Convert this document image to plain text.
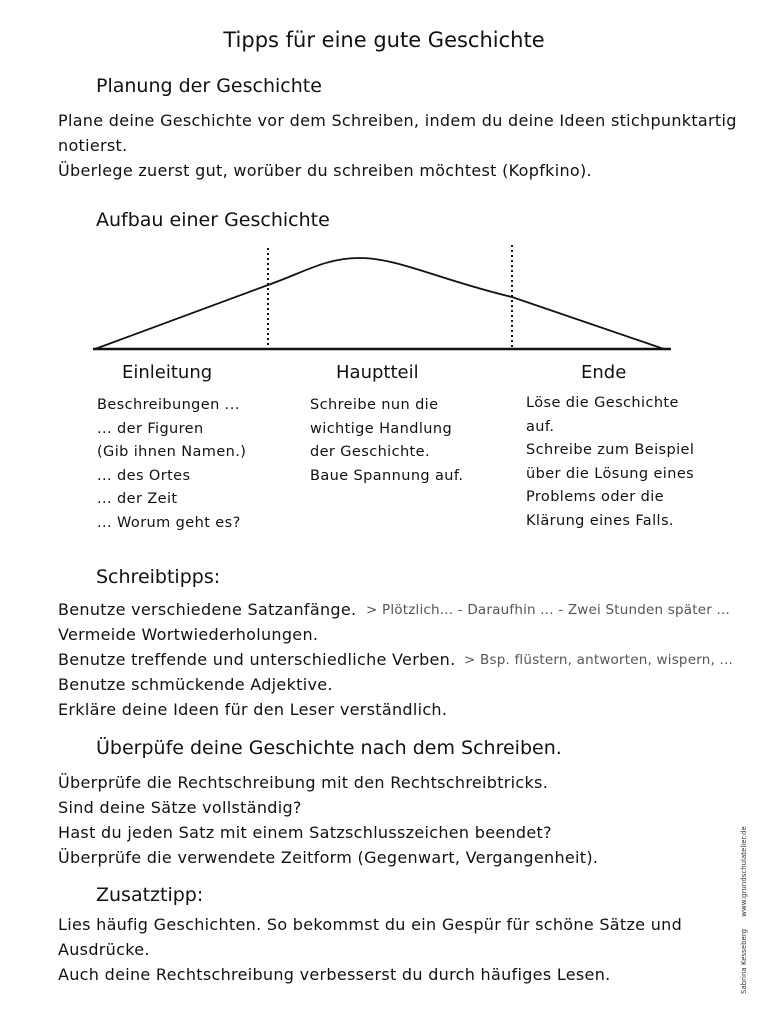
Tipps für eine gute Geschichte
Planung der Geschichte
Plane deine Geschichte vor dem Schreiben, indem du deine Ideen stichpunktartig
notierst.
Überlege zuerst gut, worüber du schreiben möchtest (Kopfkino).
Aufbau einer Geschichte
Einleitung	Hauptteil	Ende
Beschreibungen ...
... der Figuren
(Gib ihnen Namen.)
... des Ortes
... der Zeit
... Worum geht es?
Schreibe nun die
wichtige Handlung
der Geschichte.
Baue Spannung auf.
Löse die Geschichte
auf.
Schreibe zum Beispiel
über die Lösung eines
Problems oder die
Klärung eines Falls.
Schreibtipps:
Benutze verschiedene Satzanfänge. > Plötzlich... - Daraufhin ... - Zwei Stunden später ...
Vermeide Wortwiederholungen.
Benutze treffende und unterschiedliche Verben. > Bsp. flüstern, antworten, wispern, ...
Benutze schmückende Adjektive.
Erkläre deine Ideen für den Leser verständlich.
Überpüfe deine Geschichte nach dem Schreiben.
Überprüfe die Rechtschreibung mit den Rechtschreibtricks.
Sind deine Sätze vollständig?
Hast du jeden Satz mit einem Satzschlusszeichen beendet?
Überprüfe die verwendete Zeitform (Gegenwart, Vergangenheit).
Zusatztipp:
Lies häufig Geschichten. So bekommst du ein Gespür für schöne Sätze und
Ausdrücke.
Auch deine Rechtschreibung verbesserst du durch häufiges Lesen.	Sabrina Kesseberg www.grundschulatelier.de
